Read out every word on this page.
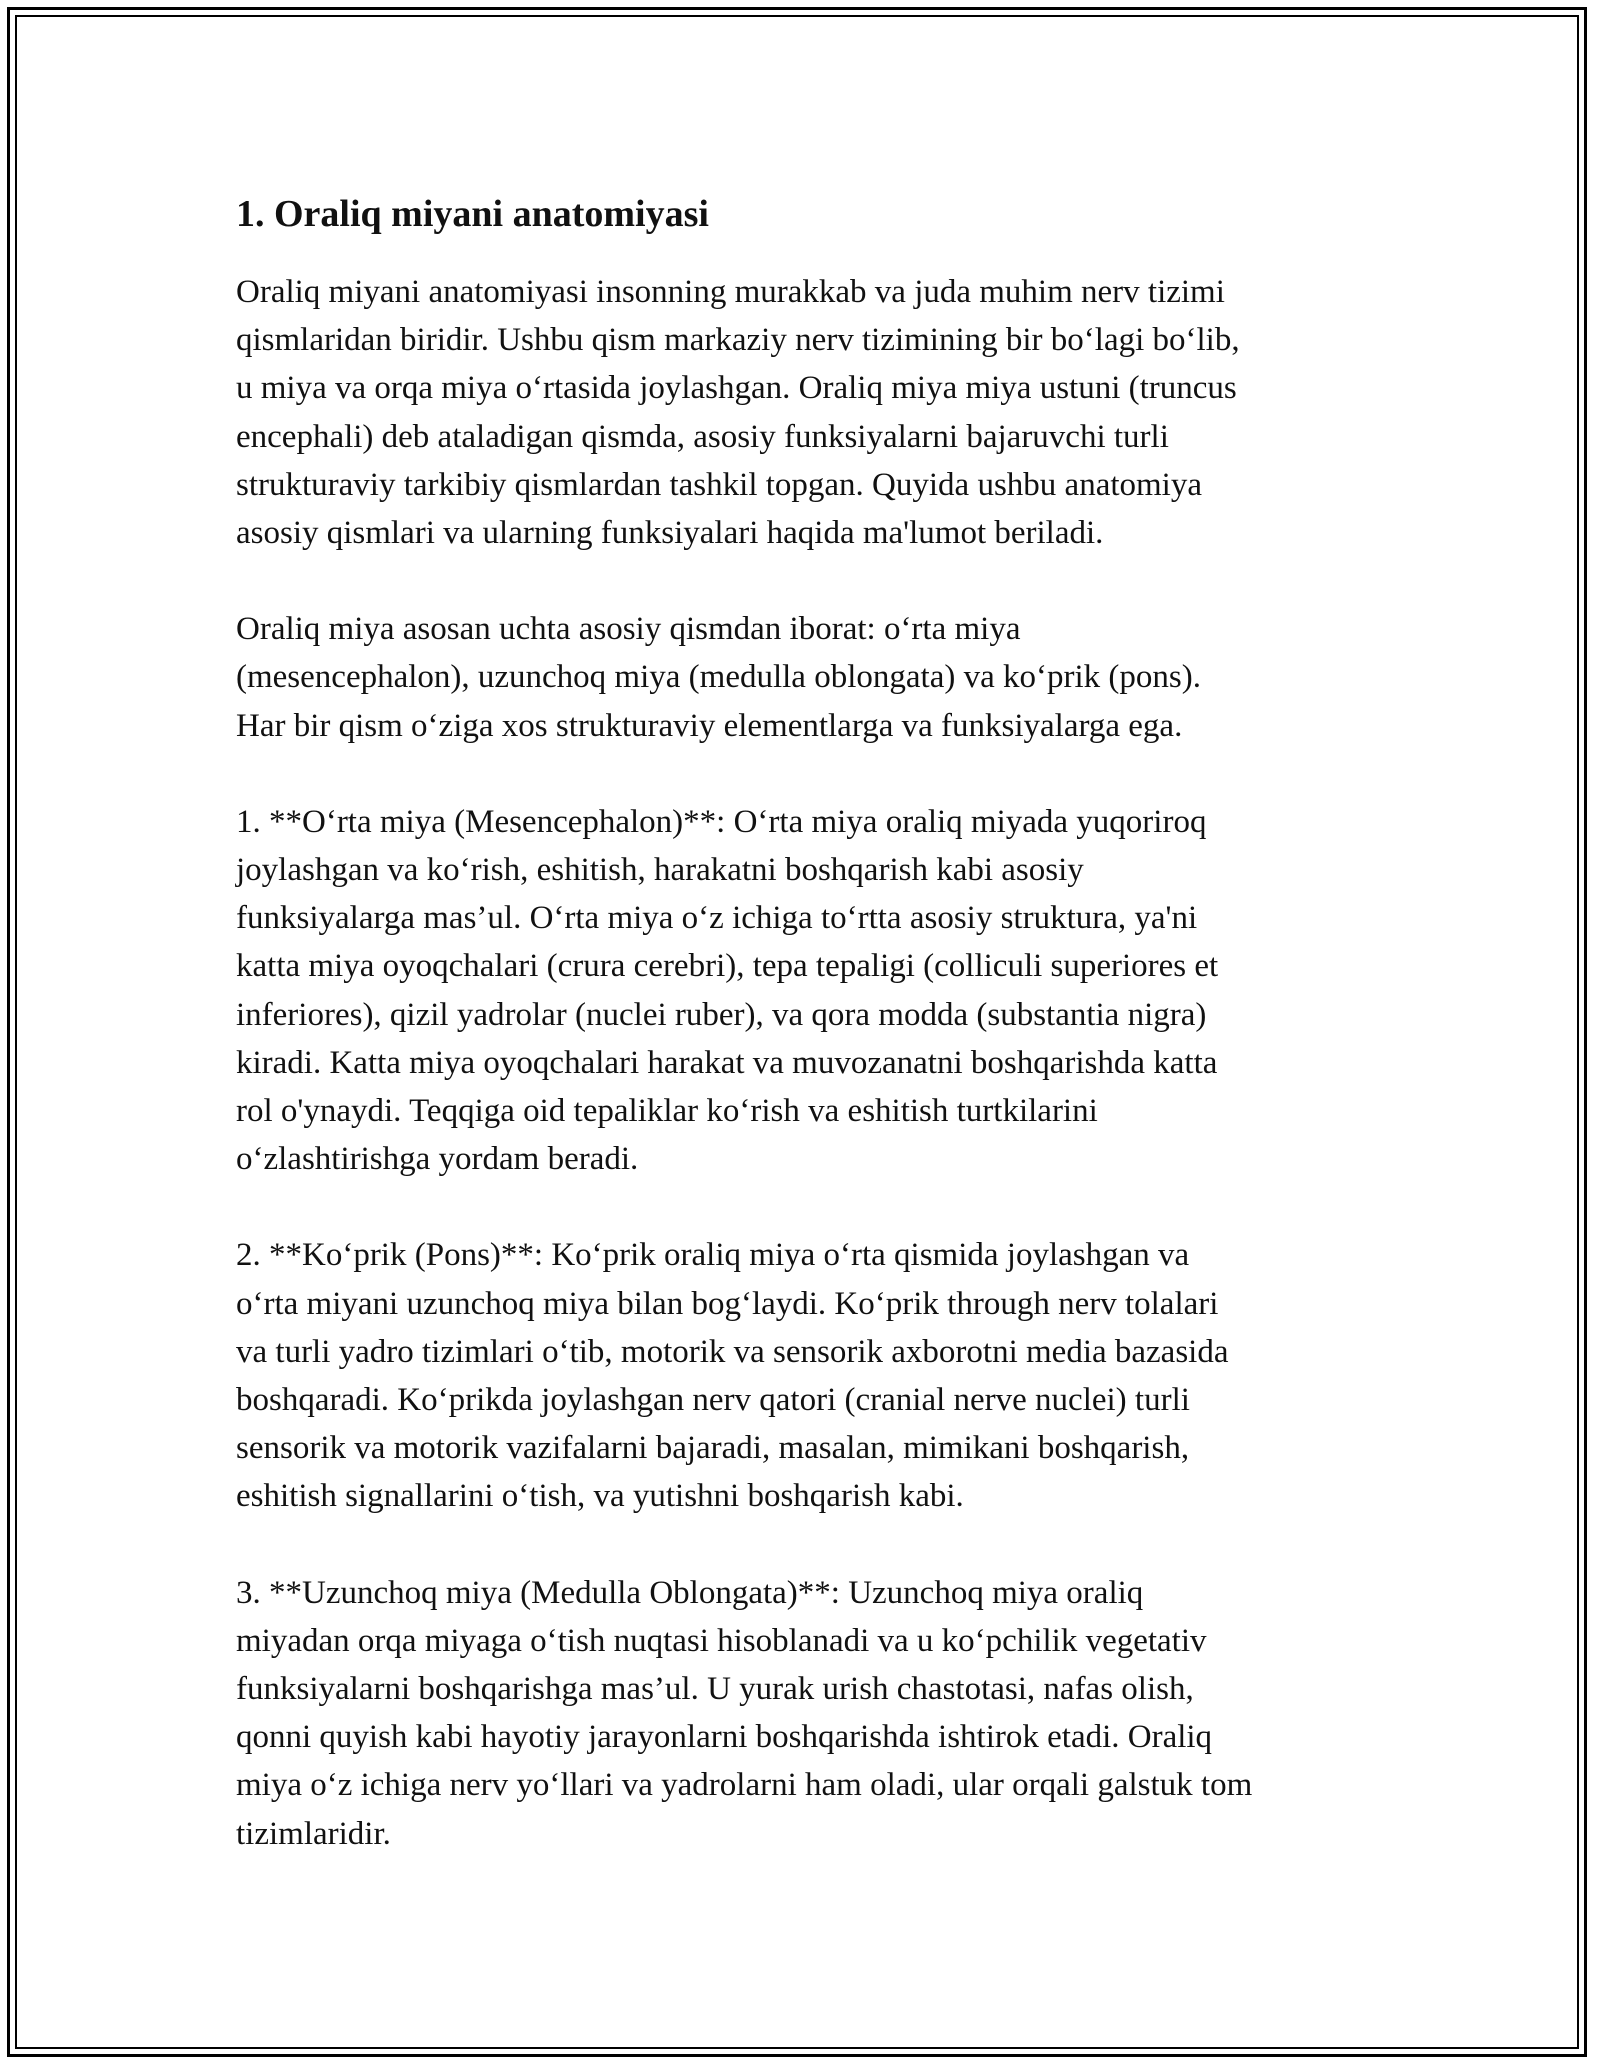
1. Oraliq miyani anatomiyasi

Oraliq miyani anatomiyasi insonning murakkab va juda muhim nerv tizimi
qismlaridan biridir. Ushbu qism markaziy nerv tizimining bir bo‘lagi bo‘lib,
u miya va orqa miya o‘rtasida joylashgan. Oraliq miya miya ustuni (truncus
encephali) deb ataladigan qismda, asosiy funksiyalarni bajaruvchi turli
strukturaviy tarkibiy qismlardan tashkil topgan. Quyida ushbu anatomiya
asosiy qismlari va ularning funksiyalari haqida ma'lumot beriladi.

Oraliq miya asosan uchta asosiy qismdan iborat: o‘rta miya
(mesencephalon), uzunchoq miya (medulla oblongata) va ko‘prik (pons).
Har bir qism o‘ziga xos strukturaviy elementlarga va funksiyalarga ega.

1. **O‘rta miya (Mesencephalon)**: O‘rta miya oraliq miyada yuqoriroq
joylashgan va ko‘rish, eshitish, harakatni boshqarish kabi asosiy
funksiyalarga mas’ul. O‘rta miya o‘z ichiga to‘rtta asosiy struktura, ya'ni
katta miya oyoqchalari (crura cerebri), tepa tepaligi (colliculi superiores et
inferiores), qizil yadrolar (nuclei ruber), va qora modda (substantia nigra)
kiradi. Katta miya oyoqchalari harakat va muvozanatni boshqarishda katta
rol o'ynaydi. Teqqiga oid tepaliklar ko‘rish va eshitish turtkilarini
o‘zlashtirishga yordam beradi.

2. **Ko‘prik (Pons)**: Ko‘prik oraliq miya o‘rta qismida joylashgan va
o‘rta miyani uzunchoq miya bilan bog‘laydi. Ko‘prik through nerv tolalari
va turli yadro tizimlari o‘tib, motorik va sensorik axborotni media bazasida
boshqaradi. Ko‘prikda joylashgan nerv qatori (cranial nerve nuclei) turli
sensorik va motorik vazifalarni bajaradi, masalan, mimikani boshqarish,
eshitish signallarini o‘tish, va yutishni boshqarish kabi.

3. **Uzunchoq miya (Medulla Oblongata)**: Uzunchoq miya oraliq
miyadan orqa miyaga o‘tish nuqtasi hisoblanadi va u ko‘pchilik vegetativ
funksiyalarni boshqarishga mas’ul. U yurak urish chastotasi, nafas olish,
qonni quyish kabi hayotiy jarayonlarni boshqarishda ishtirok etadi. Oraliq
miya o‘z ichiga nerv yo‘llari va yadrolarni ham oladi, ular orqali galstuk tom
tizimlaridir.
